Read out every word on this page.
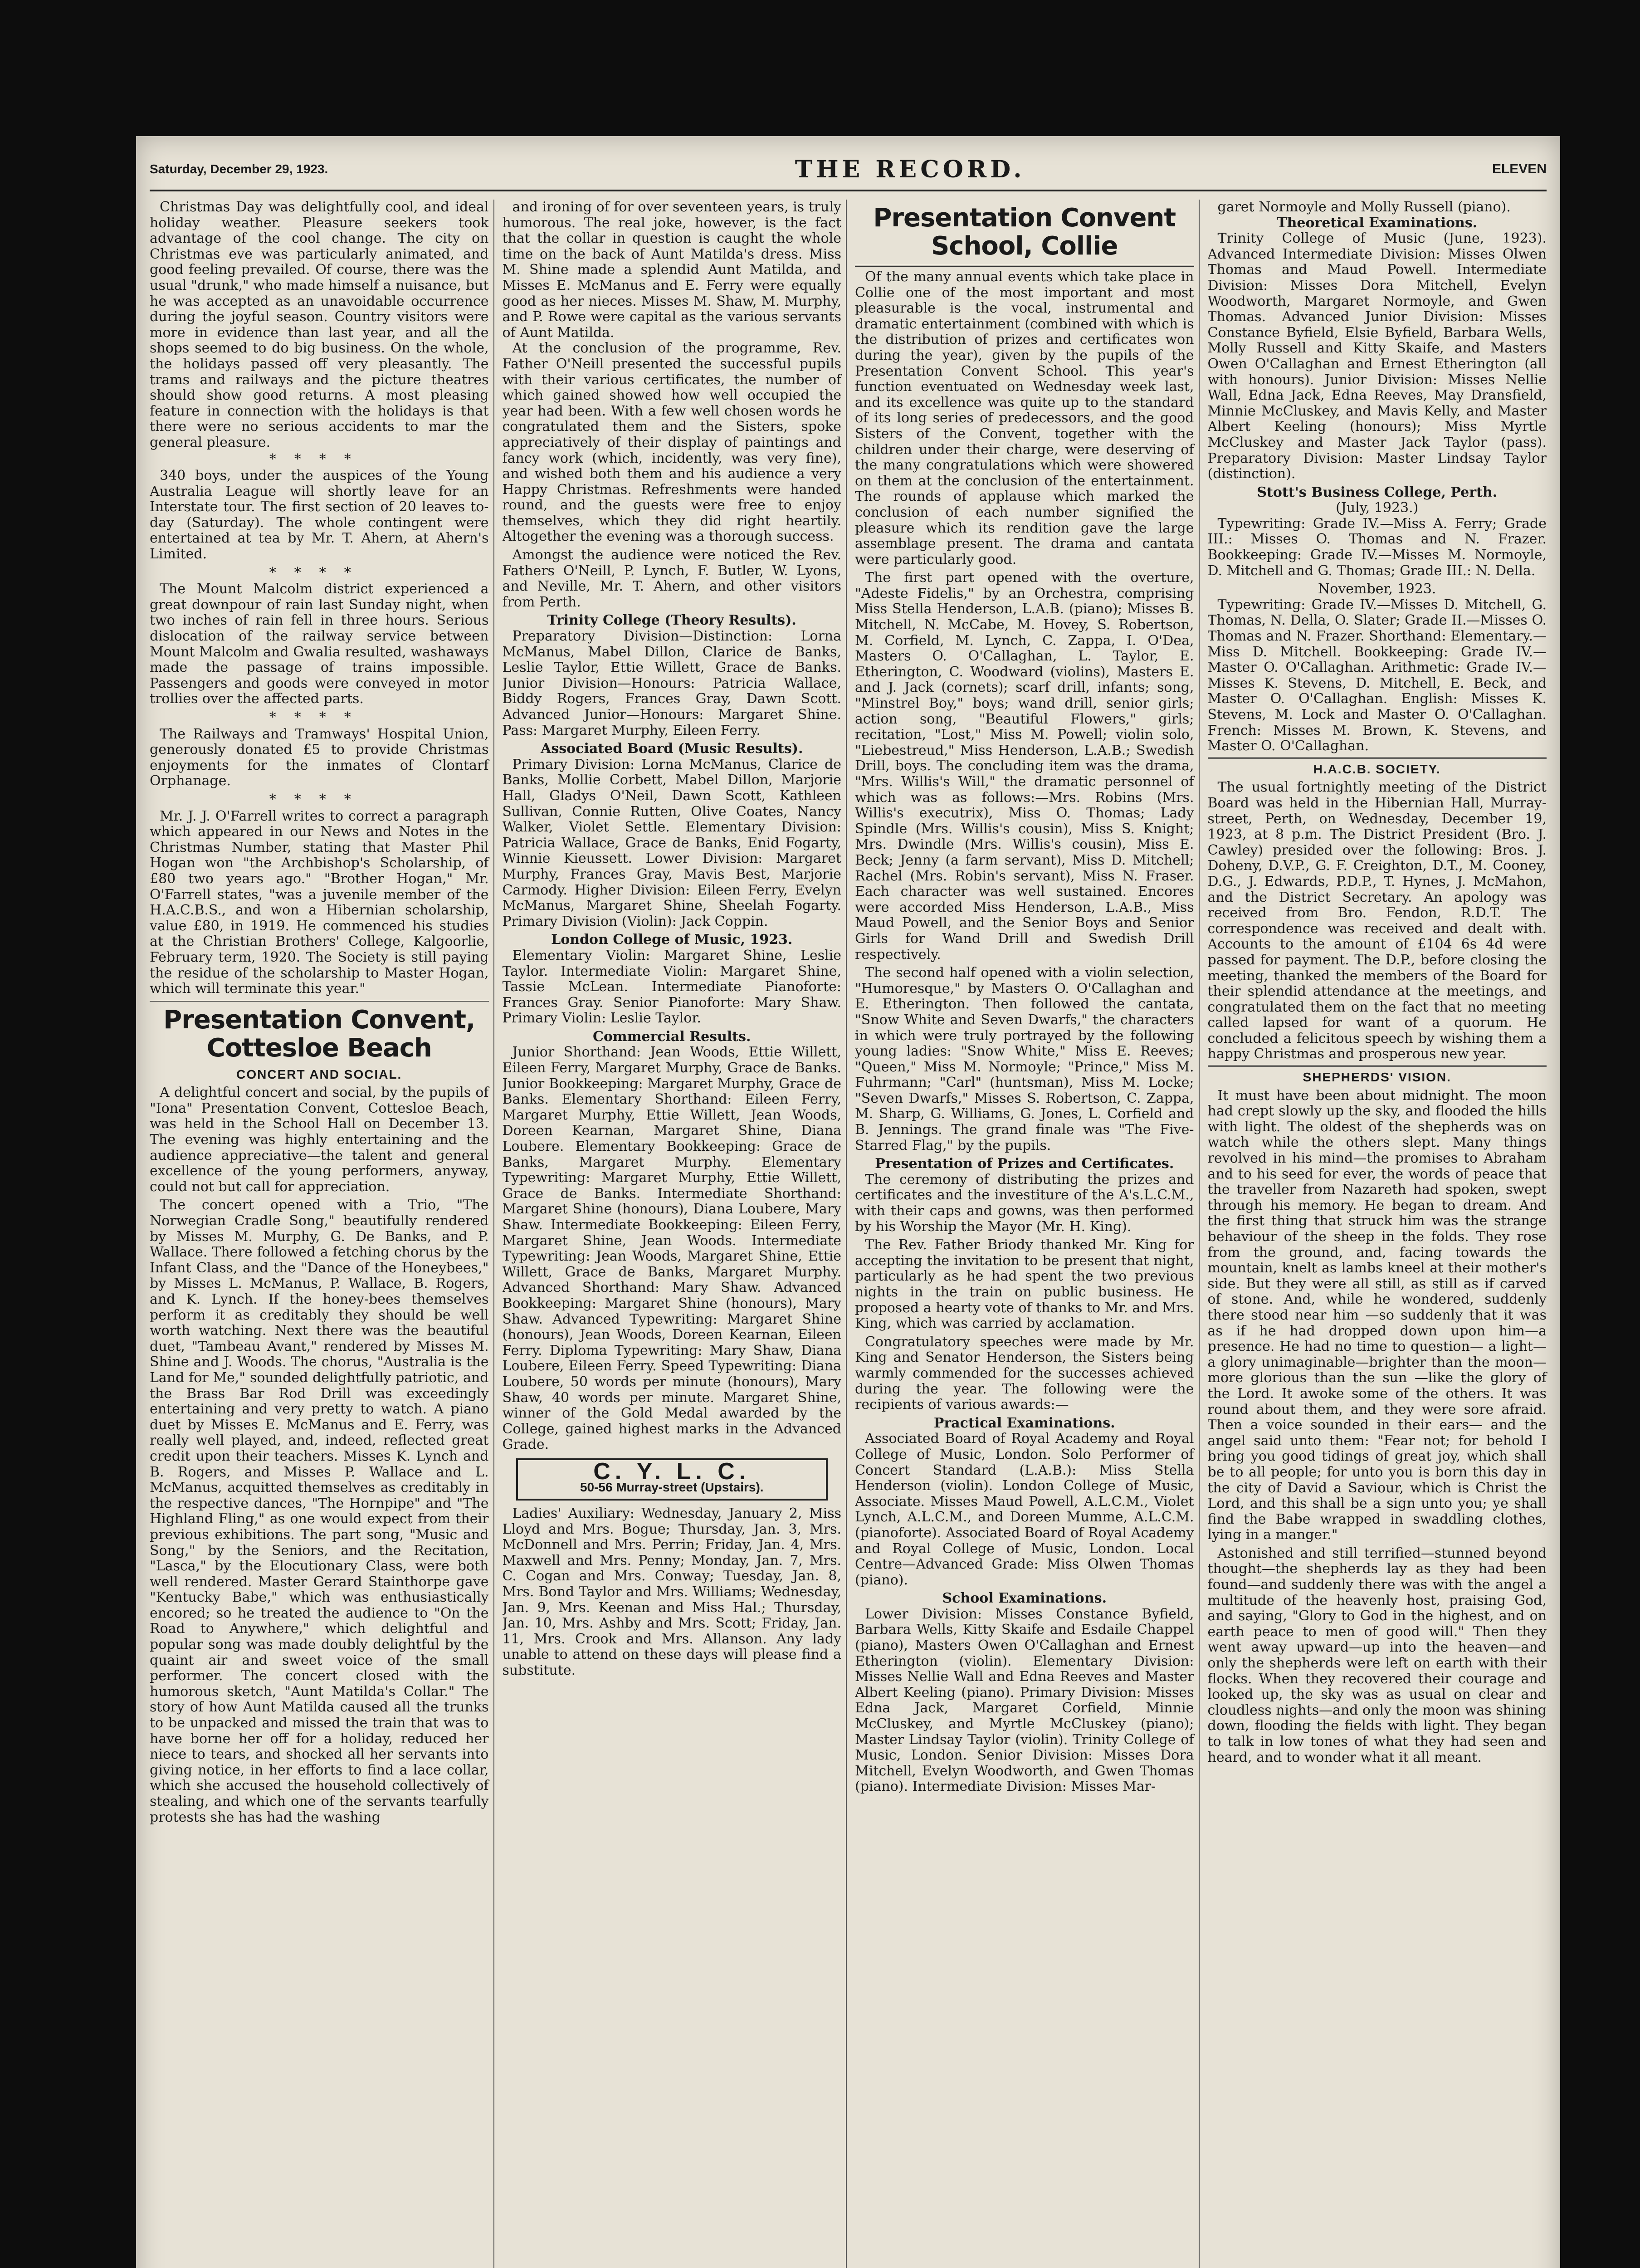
Saturday, December 29, 1923.	THE RECORD.	ELEVEN

Christmas Day was delightfully cool, and ideal holiday weather. Pleasure seekers took advantage of the cool change. The city on Christmas eve was particularly animated, and good feeling prevailed. Of course, there was the usual "drunk," who made himself a nuisance, but he was accepted as an unavoidable occurrence during the joyful season. Country visitors were more in evidence than last year, and all the shops seemed to do big business. On the whole, the holidays passed off very pleasantly. The trams and railways and the picture theatres should show good returns. A most pleasing feature in connection with the holidays is that there were no serious accidents to mar the general pleasure.

****

340 boys, under the auspices of the Young Australia League will shortly leave for an Interstate tour. The first section of 20 leaves to-day (Saturday). The whole contingent were entertained at tea by Mr. T. Ahern, at Ahern's Limited.

****

The Mount Malcolm district experienced a great downpour of rain last Sunday night, when two inches of rain fell in three hours. Serious dislocation of the railway service between Mount Malcolm and Gwalia resulted, washaways made the passage of trains impossible. Passengers and goods were conveyed in motor trollies over the affected parts.

****

The Railways and Tramways' Hospital Union, generously donated £5 to provide Christmas enjoyments for the inmates of Clontarf Orphanage.

****

Mr. J. J. O'Farrell writes to correct a paragraph which appeared in our News and Notes in the Christmas Number, stating that Master Phil Hogan won "the Archbishop's Scholarship, of £80 two years ago." "Brother Hogan," Mr. O'Farrell states, "was a juvenile member of the H.A.C.B.S., and won a Hibernian scholarship, value £80, in 1919. He commenced his studies at the Christian Brothers' College, Kalgoorlie, February term, 1920. The Society is still paying the residue of the scholarship to Master Hogan, which will terminate this year."

Presentation Convent, Cottesloe Beach
CONCERT AND SOCIAL.

A delightful concert and social, by the pupils of "Iona" Presentation Convent, Cottesloe Beach, was held in the School Hall on December 13. The evening was highly entertaining and the audience appreciative—the talent and general excellence of the young performers, anyway, could not but call for appreciation.

The concert opened with a Trio, "The Norwegian Cradle Song," beautifully rendered by Misses M. Murphy, G. De Banks, and P. Wallace. There followed a fetching chorus by the Infant Class, and the "Dance of the Honeybees," by Misses L. McManus, P. Wallace, B. Rogers, and K. Lynch. If the honey-bees themselves perform it as creditably they should be well worth watching. Next there was the beautiful duet, "Tambeau Avant," rendered by Misses M. Shine and J. Woods. The chorus, "Australia is the Land for Me," sounded delightfully patriotic, and the Brass Bar Rod Drill was exceedingly entertaining and very pretty to watch. A piano duet by Misses E. McManus and E. Ferry, was really well played, and, indeed, reflected great credit upon their teachers. Misses K. Lynch and B. Rogers, and Misses P. Wallace and L. McManus, acquitted themselves as creditably in the respective dances, "The Hornpipe" and "The Highland Fling," as one would expect from their previous exhibitions. The part song, "Music and Song," by the Seniors, and the Recitation, "Lasca," by the Elocutionary Class, were both well rendered. Master Gerard Stainthorpe gave "Kentucky Babe," which was enthusiastically encored; so he treated the audience to "On the Road to Anywhere," which delightful and popular song was made doubly delightful by the quaint air and sweet voice of the small performer. The concert closed with the humorous sketch, "Aunt Matilda's Collar." The story of how Aunt Matilda caused all the trunks to be unpacked and missed the train that was to have borne her off for a holiday, reduced her niece to tears, and shocked all her servants into giving notice, in her efforts to find a lace collar, which she accused the household collectively of stealing, and which one of the servants tearfully protests she has had the washing

and ironing of for over seventeen years, is truly humorous. The real joke, however, is the fact that the collar in question is caught the whole time on the back of Aunt Matilda's dress. Miss M. Shine made a splendid Aunt Matilda, and Misses E. McManus and E. Ferry were equally good as her nieces. Misses M. Shaw, M. Murphy, and P. Rowe were capital as the various servants of Aunt Matilda.

At the conclusion of the programme, Rev. Father O'Neill presented the successful pupils with their various certificates, the number of which gained showed how well occupied the year had been. With a few well chosen words he congratulated them and the Sisters, spoke appreciatively of their display of paintings and fancy work (which, incidently, was very fine), and wished both them and his audience a very Happy Christmas. Refreshments were handed round, and the guests were free to enjoy themselves, which they did right heartily. Altogether the evening was a thorough success.

Amongst the audience were noticed the Rev. Fathers O'Neill, P. Lynch, F. Butler, W. Lyons, and Neville, Mr. T. Ahern, and other visitors from Perth.

Trinity College (Theory Results).

Preparatory Division—Distinction: Lorna McManus, Mabel Dillon, Clarice de Banks, Leslie Taylor, Ettie Willett, Grace de Banks. Junior Division—Honours: Patricia Wallace, Biddy Rogers, Frances Gray, Dawn Scott. Advanced Junior—Honours: Margaret Shine. Pass: Margaret Murphy, Eileen Ferry.

Associated Board (Music Results).

Primary Division: Lorna McManus, Clarice de Banks, Mollie Corbett, Mabel Dillon, Marjorie Hall, Gladys O'Neil, Dawn Scott, Kathleen Sullivan, Connie Rutten, Olive Coates, Nancy Walker, Violet Settle. Elementary Division: Patricia Wallace, Grace de Banks, Enid Fogarty, Winnie Kieussett. Lower Division: Margaret Murphy, Frances Gray, Mavis Best, Marjorie Carmody. Higher Division: Eileen Ferry, Evelyn McManus, Margaret Shine, Sheelah Fogarty. Primary Division (Violin): Jack Coppin.

London College of Music, 1923.

Elementary Violin: Margaret Shine, Leslie Taylor. Intermediate Violin: Margaret Shine, Tassie McLean. Intermediate Pianoforte: Frances Gray. Senior Pianoforte: Mary Shaw. Primary Violin: Leslie Taylor.

Commercial Results.

Junior Shorthand: Jean Woods, Ettie Willett, Eileen Ferry, Margaret Murphy, Grace de Banks. Junior Bookkeeping: Margaret Murphy, Grace de Banks. Elementary Shorthand: Eileen Ferry, Margaret Murphy, Ettie Willett, Jean Woods, Doreen Kearnan, Margaret Shine, Diana Loubere. Elementary Bookkeeping: Grace de Banks, Margaret Murphy. Elementary Typewriting: Margaret Murphy, Ettie Willett, Grace de Banks. Intermediate Shorthand: Margaret Shine (honours), Diana Loubere, Mary Shaw. Intermediate Bookkeeping: Eileen Ferry, Margaret Shine, Jean Woods. Intermediate Typewriting: Jean Woods, Margaret Shine, Ettie Willett, Grace de Banks, Margaret Murphy. Advanced Shorthand: Mary Shaw. Advanced Bookkeeping: Margaret Shine (honours), Mary Shaw. Advanced Typewriting: Margaret Shine (honours), Jean Woods, Doreen Kearnan, Eileen Ferry. Diploma Typewriting: Mary Shaw, Diana Loubere, Eileen Ferry. Speed Typewriting: Diana Loubere, 50 words per minute (honours), Mary Shaw, 40 words per minute. Margaret Shine, winner of the Gold Medal awarded by the College, gained highest marks in the Advanced Grade.

C. Y. L. C.
50-56 Murray-street (Upstairs).

Ladies' Auxiliary: Wednesday, January 2, Miss Lloyd and Mrs. Bogue; Thursday, Jan. 3, Mrs. McDonnell and Mrs. Perrin; Friday, Jan. 4, Mrs. Maxwell and Mrs. Penny; Monday, Jan. 7, Mrs. C. Cogan and Mrs. Conway; Tuesday, Jan. 8, Mrs. Bond Taylor and Mrs. Williams; Wednesday, Jan. 9, Mrs. Keenan and Miss Hal.; Thursday, Jan. 10, Mrs. Ashby and Mrs. Scott; Friday, Jan. 11, Mrs. Crook and Mrs. Allanson. Any lady unable to attend on these days will please find a substitute.

Presentation Convent School, Collie

Of the many annual events which take place in Collie one of the most important and most pleasurable is the vocal, instrumental and dramatic entertainment (combined with which is the distribution of prizes and certificates won during the year), given by the pupils of the Presentation Convent School. This year's function eventuated on Wednesday week last, and its excellence was quite up to the standard of its long series of predecessors, and the good Sisters of the Convent, together with the children under their charge, were deserving of the many congratulations which were showered on them at the conclusion of the entertainment. The rounds of applause which marked the conclusion of each number signified the pleasure which its rendition gave the large assemblage present. The drama and cantata were particularly good.

The first part opened with the overture, "Adeste Fidelis," by an Orchestra, comprising Miss Stella Henderson, L.A.B. (piano); Misses B. Mitchell, N. McCabe, M. Hovey, S. Robertson, M. Corfield, M. Lynch, C. Zappa, I. O'Dea, Masters O. O'Callaghan, L. Taylor, E. Etherington, C. Woodward (violins), Masters E. and J. Jack (cornets); scarf drill, infants; song, "Minstrel Boy," boys; wand drill, senior girls; action song, "Beautiful Flowers," girls; recitation, "Lost," Miss M. Powell; violin solo, "Liebestreud," Miss Henderson, L.A.B.; Swedish Drill, boys. The concluding item was the drama, "Mrs. Willis's Will," the dramatic personnel of which was as follows:—Mrs. Robins (Mrs. Willis's executrix), Miss O. Thomas; Lady Spindle (Mrs. Willis's cousin), Miss S. Knight; Mrs. Dwindle (Mrs. Willis's cousin), Miss E. Beck; Jenny (a farm servant), Miss D. Mitchell; Rachel (Mrs. Robin's servant), Miss N. Fraser. Each character was well sustained. Encores were accorded Miss Henderson, L.A.B., Miss Maud Powell, and the Senior Boys and Senior Girls for Wand Drill and Swedish Drill respectively.

The second half opened with a violin selection, "Humoresque," by Masters O. O'Callaghan and E. Etherington. Then followed the cantata, "Snow White and Seven Dwarfs," the characters in which were truly portrayed by the following young ladies: "Snow White," Miss E. Reeves; "Queen," Miss M. Normoyle; "Prince," Miss M. Fuhrmann; "Carl" (huntsman), Miss M. Locke; "Seven Dwarfs," Misses S. Robertson, C. Zappa, M. Sharp, G. Williams, G. Jones, L. Corfield and B. Jennings. The grand finale was "The Five-Starred Flag," by the pupils.

Presentation of Prizes and Certificates.

The ceremony of distributing the prizes and certificates and the investiture of the A's.L.C.M., with their caps and gowns, was then performed by his Worship the Mayor (Mr. H. King).

The Rev. Father Briody thanked Mr. King for accepting the invitation to be present that night, particularly as he had spent the two previous nights in the train on public business. He proposed a hearty vote of thanks to Mr. and Mrs. King, which was carried by acclamation.

Congratulatory speeches were made by Mr. King and Senator Henderson, the Sisters being warmly commended for the successes achieved during the year. The following were the recipients of various awards:—

Practical Examinations.

Associated Board of Royal Academy and Royal College of Music, London. Solo Performer of Concert Standard (L.A.B.): Miss Stella Henderson (violin). London College of Music, Associate. Misses Maud Powell, A.L.C.M., Violet Lynch, A.L.C.M., and Doreen Mumme, A.L.C.M. (pianoforte). Associated Board of Royal Academy and Royal College of Music, London. Local Centre—Advanced Grade: Miss Olwen Thomas (piano).

School Examinations.

Lower Division: Misses Constance Byfield, Barbara Wells, Kitty Skaife and Esdaile Chappel (piano), Masters Owen O'Callaghan and Ernest Etherington (violin). Elementary Division: Misses Nellie Wall and Edna Reeves and Master Albert Keeling (piano). Primary Division: Misses Edna Jack, Margaret Corfield, Minnie McCluskey, and Myrtle McCluskey (piano); Master Lindsay Taylor (violin). Trinity College of Music, London. Senior Division: Misses Dora Mitchell, Evelyn Woodworth, and Gwen Thomas (piano). Intermediate Division: Misses Mar-

garet Normoyle and Molly Russell (piano).

Theoretical Examinations.

Trinity College of Music (June, 1923). Advanced Intermediate Division: Misses Olwen Thomas and Maud Powell. Intermediate Division: Misses Dora Mitchell, Evelyn Woodworth, Margaret Normoyle, and Gwen Thomas. Advanced Junior Division: Misses Constance Byfield, Elsie Byfield, Barbara Wells, Molly Russell and Kitty Skaife, and Masters Owen O'Callaghan and Ernest Etherington (all with honours). Junior Division: Misses Nellie Wall, Edna Jack, Edna Reeves, May Dransfield, Minnie McCluskey, and Mavis Kelly, and Master Albert Keeling (honours); Miss Myrtle McCluskey and Master Jack Taylor (pass). Preparatory Division: Master Lindsay Taylor (distinction).

Stott's Business College, Perth.
(July, 1923.)

Typewriting: Grade IV.—Miss A. Ferry; Grade III.: Misses O. Thomas and N. Frazer. Bookkeeping: Grade IV.—Misses M. Normoyle, D. Mitchell and G. Thomas; Grade III.: N. Della.

November, 1923.

Typewriting: Grade IV.—Misses D. Mitchell, G. Thomas, N. Della, O. Slater; Grade II.—Misses O. Thomas and N. Frazer. Shorthand: Elementary.—Miss D. Mitchell. Bookkeeping: Grade IV.—Master O. O'Callaghan. Arithmetic: Grade IV.—Misses K. Stevens, D. Mitchell, E. Beck, and Master O. O'Callaghan. English: Misses K. Stevens, M. Lock and Master O. O'Callaghan. French: Misses M. Brown, K. Stevens, and Master O. O'Callaghan.

H.A.C.B. SOCIETY.

The usual fortnightly meeting of the District Board was held in the Hibernian Hall, Murray-street, Perth, on Wednesday, December 19, 1923, at 8 p.m. The District President (Bro. J. Cawley) presided over the following: Bros. J. Doheny, D.V.P., G. F. Creighton, D.T., M. Cooney, D.G., J. Edwards, P.D.P., T. Hynes, J. McMahon, and the District Secretary. An apology was received from Bro. Fendon, R.D.T. The correspondence was received and dealt with. Accounts to the amount of £104 6s 4d were passed for payment. The D.P., before closing the meeting, thanked the members of the Board for their splendid attendance at the meetings, and congratulated them on the fact that no meeting called lapsed for want of a quorum. He concluded a felicitous speech by wishing them a happy Christmas and prosperous new year.

SHEPHERDS' VISION.

It must have been about midnight. The moon had crept slowly up the sky, and flooded the hills with light. The oldest of the shepherds was on watch while the others slept. Many things revolved in his mind—the promises to Abraham and to his seed for ever, the words of peace that the traveller from Nazareth had spoken, swept through his memory. He began to dream. And the first thing that struck him was the strange behaviour of the sheep in the folds. They rose from the ground, and, facing towards the mountain, knelt as lambs kneel at their mother's side. But they were all still, as still as if carved of stone. And, while he wondered, suddenly there stood near him —so suddenly that it was as if he had dropped down upon him—a presence. He had no time to question— a light— a glory unimaginable—brighter than the moon—more glorious than the sun —like the glory of the Lord. It awoke some of the others. It was round about them, and they were sore afraid. Then a voice sounded in their ears— and the angel said unto them: "Fear not; for behold I bring you good tidings of great joy, which shall be to all people; for unto you is born this day in the city of David a Saviour, which is Christ the Lord, and this shall be a sign unto you; ye shall find the Babe wrapped in swaddling clothes, lying in a manger."

Astonished and still terrified—stunned beyond thought—the shepherds lay as they had been found—and suddenly there was with the angel a multitude of the heavenly host, praising God, and saying, "Glory to God in the highest, and on earth peace to men of good will." Then they went away upward—up into the heaven—and only the shepherds were left on earth with their flocks. When they recovered their courage and looked up, the sky was as usual on clear and cloudless nights—and only the moon was shining down, flooding the fields with light. They began to talk in low tones of what they had seen and heard, and to wonder what it all meant.
